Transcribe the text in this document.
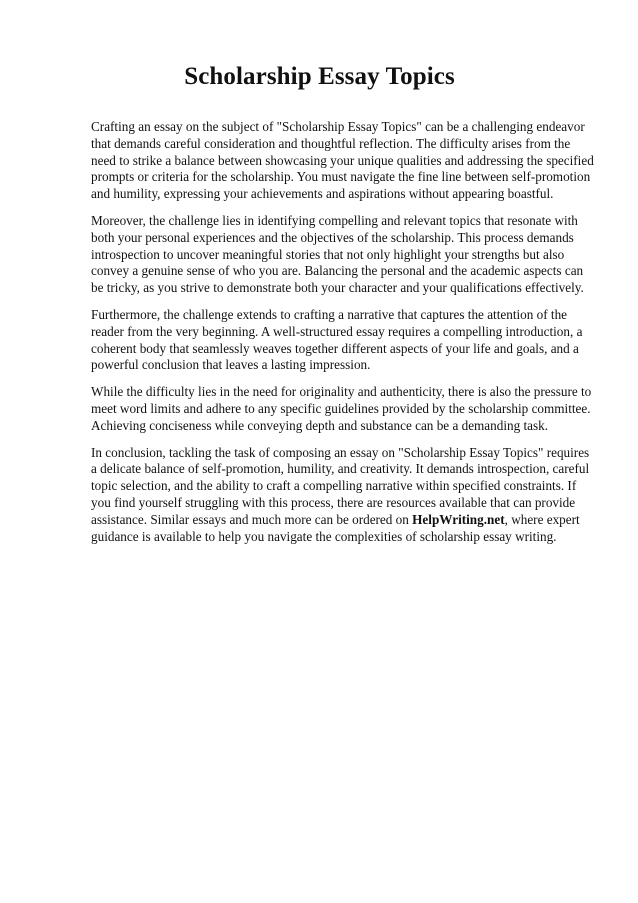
Scholarship Essay Topics

Crafting an essay on the subject of "Scholarship Essay Topics" can be a challenging endeavor that demands careful consideration and thoughtful reflection. The difficulty arises from the need to strike a balance between showcasing your unique qualities and addressing the specified prompts or criteria for the scholarship. You must navigate the fine line between self-promotion and humility, expressing your achievements and aspirations without appearing boastful.

Moreover, the challenge lies in identifying compelling and relevant topics that resonate with both your personal experiences and the objectives of the scholarship. This process demands introspection to uncover meaningful stories that not only highlight your strengths but also convey a genuine sense of who you are. Balancing the personal and the academic aspects can be tricky, as you strive to demonstrate both your character and your qualifications effectively.

Furthermore, the challenge extends to crafting a narrative that captures the attention of the reader from the very beginning. A well-structured essay requires a compelling introduction, a coherent body that seamlessly weaves together different aspects of your life and goals, and a powerful conclusion that leaves a lasting impression.

While the difficulty lies in the need for originality and authenticity, there is also the pressure to meet word limits and adhere to any specific guidelines provided by the scholarship committee. Achieving conciseness while conveying depth and substance can be a demanding task.

In conclusion, tackling the task of composing an essay on "Scholarship Essay Topics" requires a delicate balance of self-promotion, humility, and creativity. It demands introspection, careful topic selection, and the ability to craft a compelling narrative within specified constraints. If you find yourself struggling with this process, there are resources available that can provide assistance. Similar essays and much more can be ordered on HelpWriting.net, where expert guidance is available to help you navigate the complexities of scholarship essay writing.
